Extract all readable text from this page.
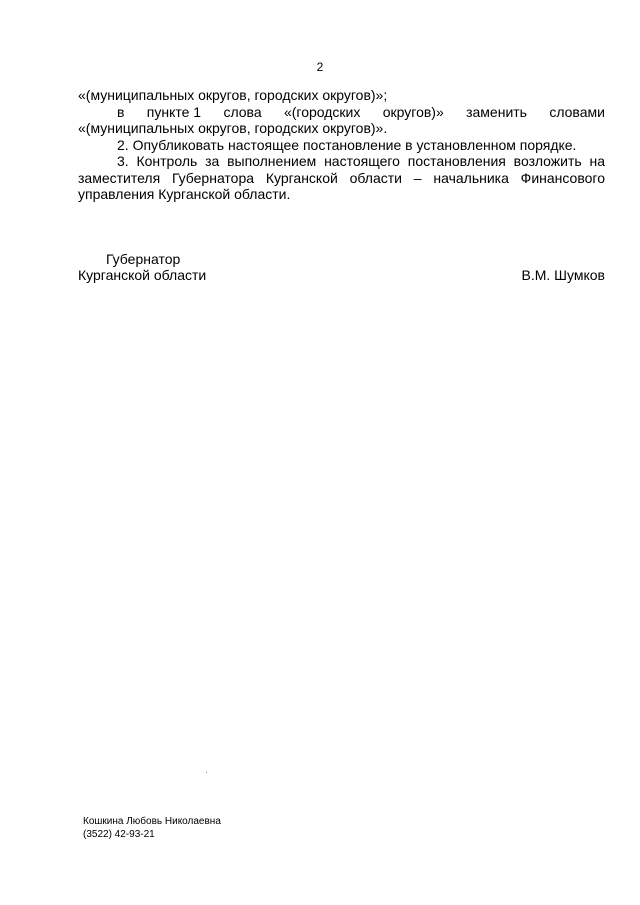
2
«(муниципальных округов, городских округов)»;
в пункте 1 слова «(городских округов)» заменить словами
«(муниципальных округов, городских округов)».
2. Опубликовать настоящее постановление в установленном порядке.
3. Контроль за выполнением настоящего постановления возложить на заместителя Губернатора Курганской области – начальника Финансового управления Курганской области.
Губернатор
Курганской области	В.М. Шумков
Кошкина Любовь Николаевна
(3522) 42-93-21
